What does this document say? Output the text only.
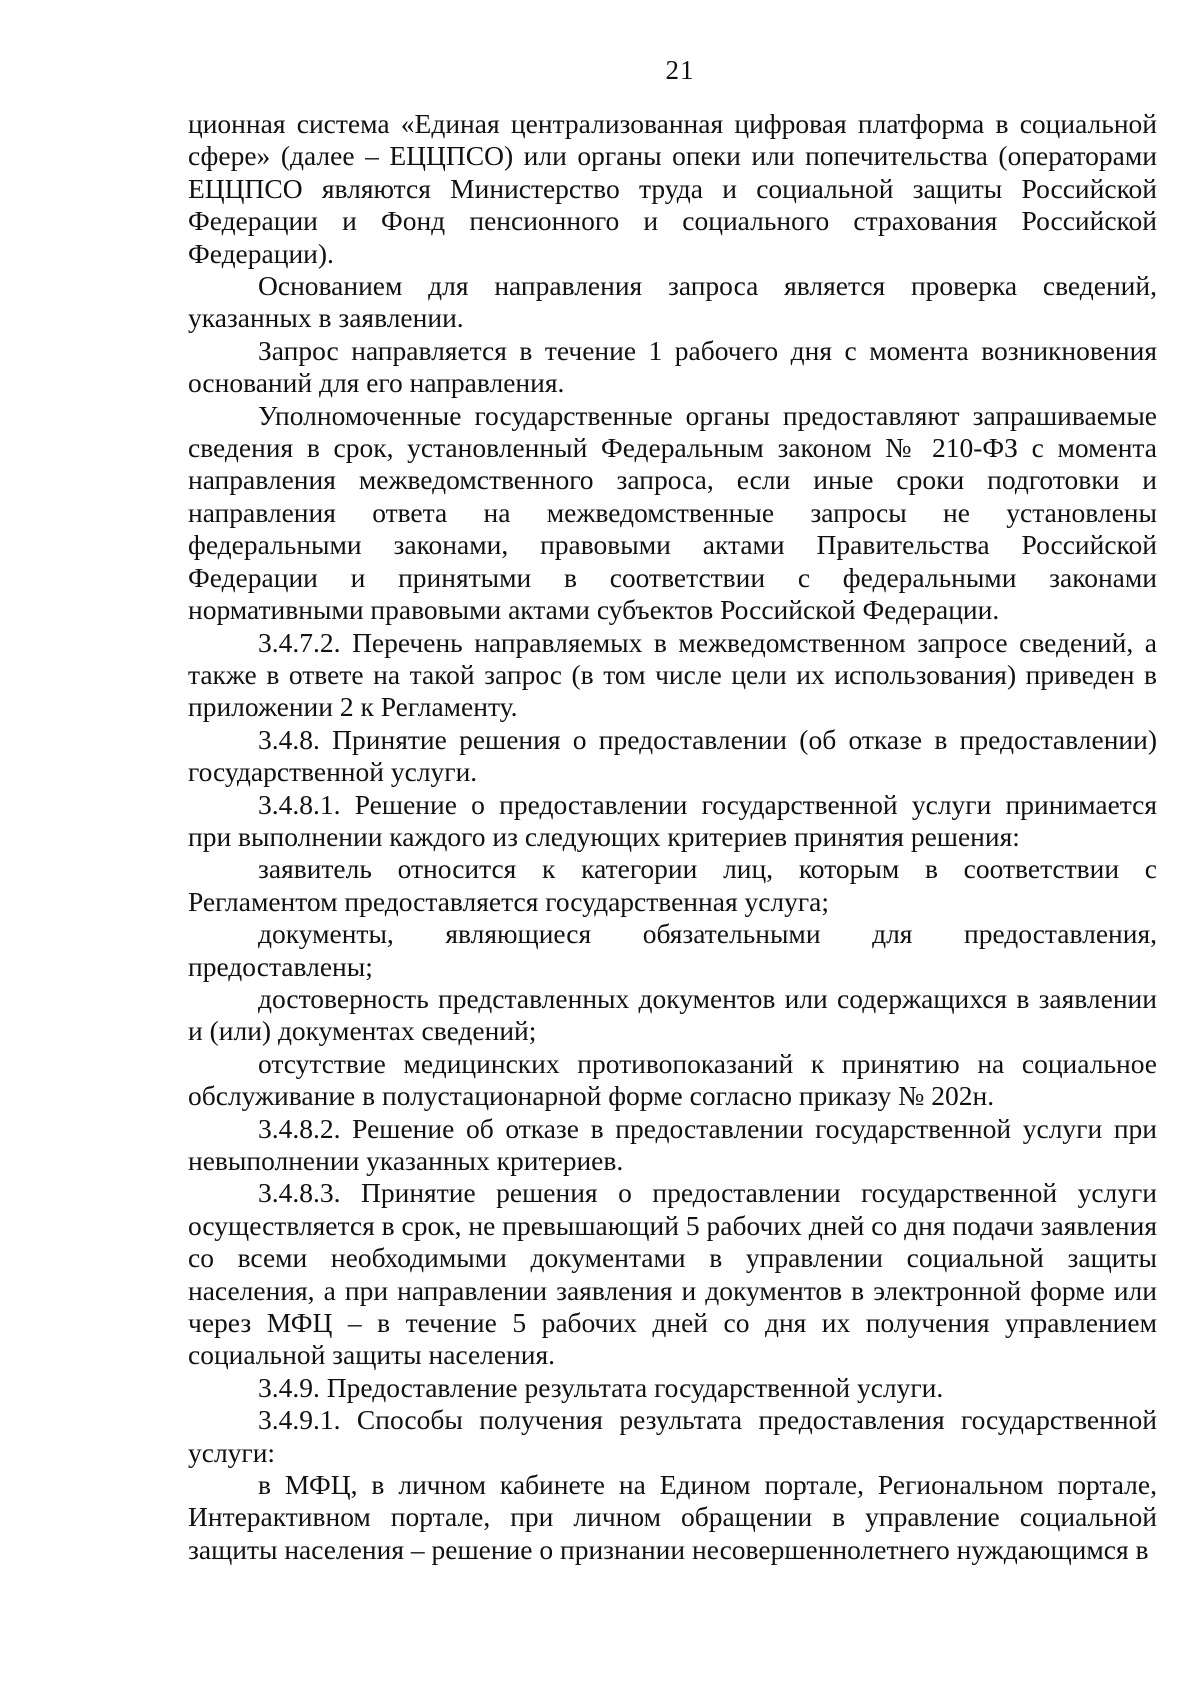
21

ционная система «Единая централизованная цифровая платформа в социальной сфере» (далее – ЕЦЦПСО) или органы опеки или попечительства (операторами ЕЦЦПСО являются Министерство труда и социальной защиты Российской Федерации и Фонд пенсионного и социального страхования Российской Федерации).

Основанием для направления запроса является проверка сведений, указанных в заявлении.

Запрос направляется в течение 1 рабочего дня с момента возникновения оснований для его направления.

Уполномоченные государственные органы предоставляют запрашиваемые сведения в срок, установленный Федеральным законом № 210-ФЗ с момента направления межведомственного запроса, если иные сроки подготовки и направления ответа на межведомственные запросы не установлены федеральными законами, правовыми актами Правительства Российской Федерации и принятыми в соответствии с федеральными законами нормативными правовыми актами субъектов Российской Федерации.

3.4.7.2. Перечень направляемых в межведомственном запросе сведений, а также в ответе на такой запрос (в том числе цели их использования) приведен в приложении 2 к Регламенту.

3.4.8. Принятие решения о предоставлении (об отказе в предоставлении) государственной услуги.

3.4.8.1. Решение о предоставлении государственной услуги принимается при выполнении каждого из следующих критериев принятия решения:

заявитель относится к категории лиц, которым в соответствии с Регламентом предоставляется государственная услуга;

документы, являющиеся обязательными для предоставления, предоставлены;

достоверность представленных документов или содержащихся в заявлении и (или) документах сведений;

отсутствие медицинских противопоказаний к принятию на социальное обслуживание в полустационарной форме согласно приказу № 202н.

3.4.8.2. Решение об отказе в предоставлении государственной услуги при невыполнении указанных критериев.

3.4.8.3. Принятие решения о предоставлении государственной услуги осуществляется в срок, не превышающий 5 рабочих дней со дня подачи заявления со всеми необходимыми документами в управлении социальной защиты населения, а при направлении заявления и документов в электронной форме или через МФЦ – в течение 5 рабочих дней со дня их получения управлением социальной защиты населения.

3.4.9. Предоставление результата государственной услуги.

3.4.9.1. Способы получения результата предоставления государственной услуги:

в МФЦ, в личном кабинете на Едином портале, Региональном портале, Интерактивном портале, при личном обращении в управление социальной защиты населения – решение о признании несовершеннолетнего нуждающимся в
